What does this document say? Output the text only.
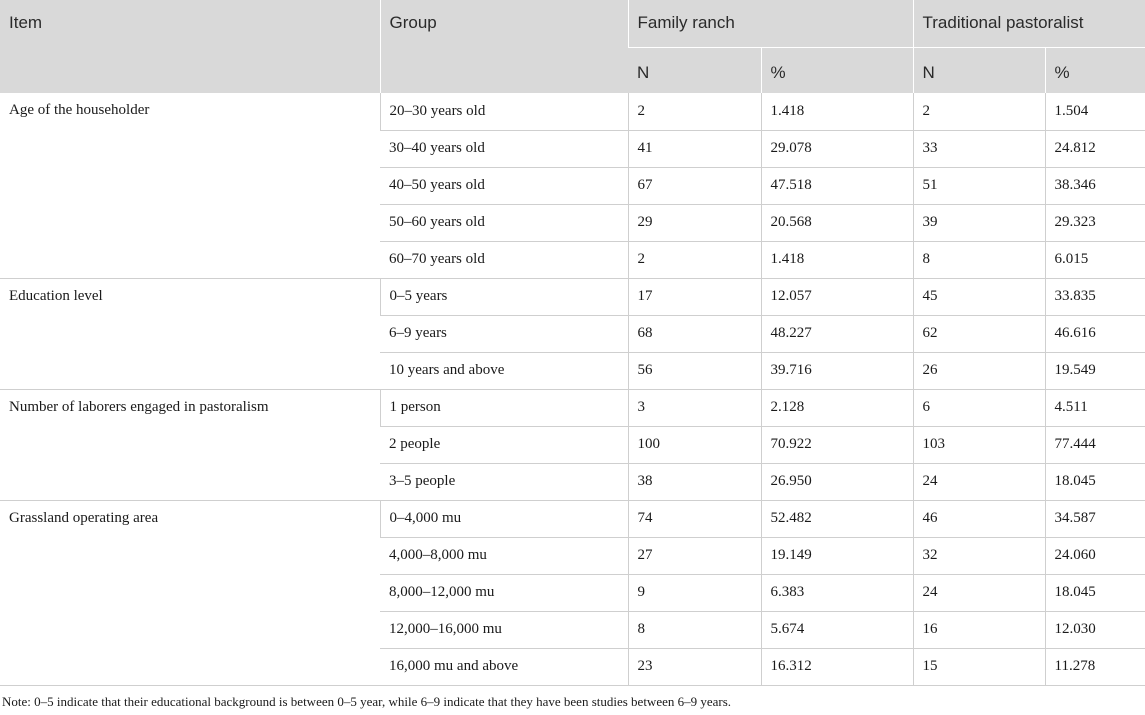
Item	Group	Family ranch		Traditional pastoralist	
		N	%	N	%
Age of the householder	20–30 years old	2	1.418	2	1.504
	30–40 years old	41	29.078	33	24.812
	40–50 years old	67	47.518	51	38.346
	50–60 years old	29	20.568	39	29.323
	60–70 years old	2	1.418	8	6.015
Education level	0–5 years	17	12.057	45	33.835
	6–9 years	68	48.227	62	46.616
	10 years and above	56	39.716	26	19.549
Number of laborers engaged in pastoralism	1 person	3	2.128	6	4.511
	2 people	100	70.922	103	77.444
	3–5 people	38	26.950	24	18.045
Grassland operating area	0–4,000 mu	74	52.482	46	34.587
	4,000–8,000 mu	27	19.149	32	24.060
	8,000–12,000 mu	9	6.383	24	18.045
	12,000–16,000 mu	8	5.674	16	12.030
	16,000 mu and above	23	16.312	15	11.278
Note: 0–5 indicate that their educational background is between 0–5 year, while 6–9 indicate that they have been studies between 6–9 years.
